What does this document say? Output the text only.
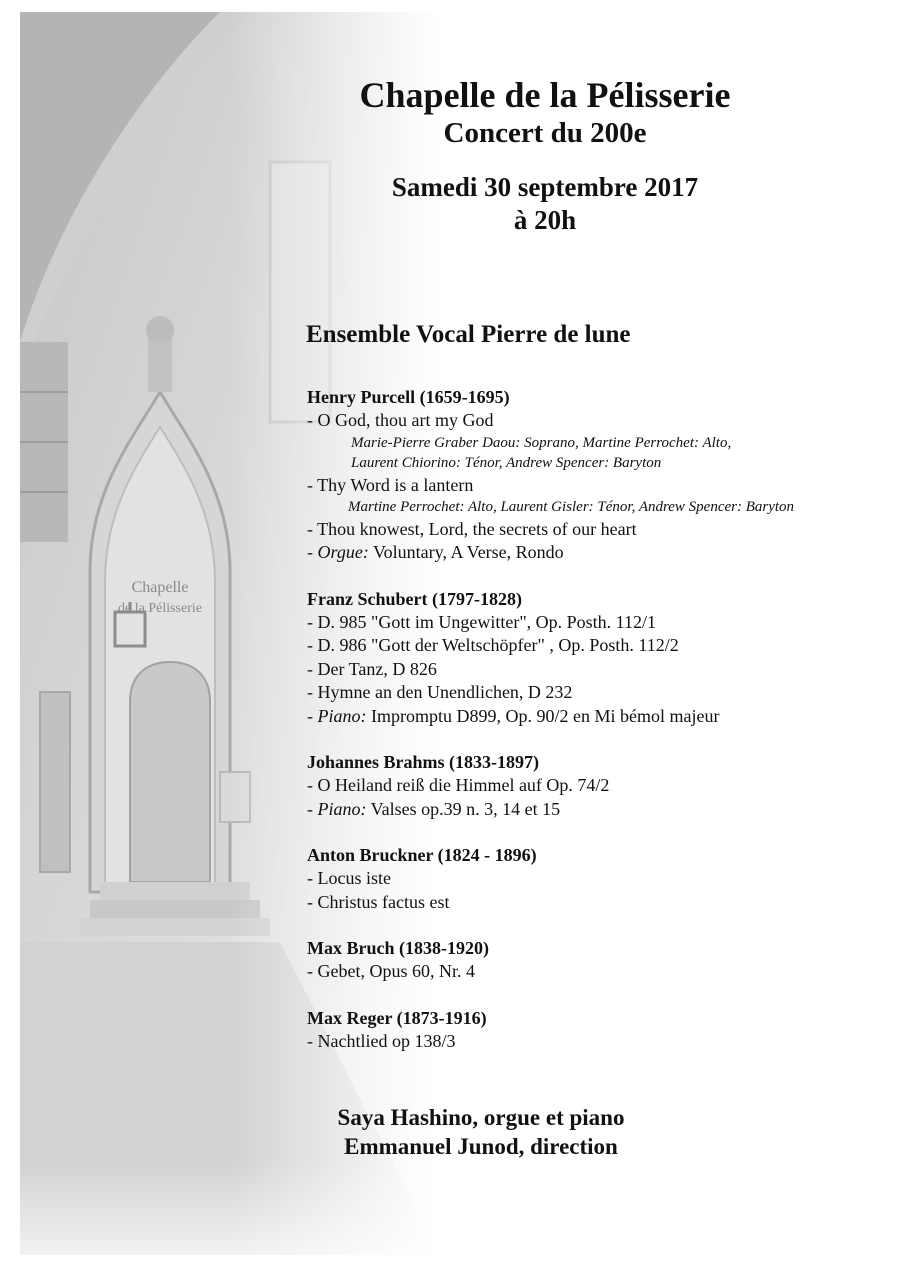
Chapelle
de la Pélisserie
Chapelle de la Pélisserie
Concert du 200e
Samedi 30 septembre 2017
à 20h
Ensemble Vocal Pierre de lune
Henry Purcell (1659-1695)
- O God, thou art my God
Marie-Pierre Graber Daou: Soprano, Martine Perrochet: Alto,
Laurent Chiorino: Ténor, Andrew Spencer: Baryton
- Thy Word is a lantern
Martine Perrochet: Alto, Laurent Gisler: Ténor, Andrew Spencer: Baryton
- Thou knowest, Lord, the secrets of our heart
- Orgue: Voluntary, A Verse, Rondo
Franz Schubert (1797-1828)
- D. 985 "Gott im Ungewitter", Op. Posth. 112/1
- D. 986 "Gott der Weltschöpfer" , Op. Posth. 112/2
- Der Tanz, D 826
- Hymne an den Unendlichen, D 232
- Piano: Impromptu D899, Op. 90/2 en Mi bémol majeur
Johannes Brahms (1833-1897)
- O Heiland reiß die Himmel auf Op. 74/2
- Piano: Valses op.39 n. 3, 14 et 15
Anton Bruckner (1824 - 1896)
- Locus iste
- Christus factus est
Max Bruch (1838-1920)
- Gebet, Opus 60, Nr. 4
Max Reger (1873-1916)
- Nachtlied op 138/3
Saya Hashino, orgue et piano
Emmanuel Junod, direction
